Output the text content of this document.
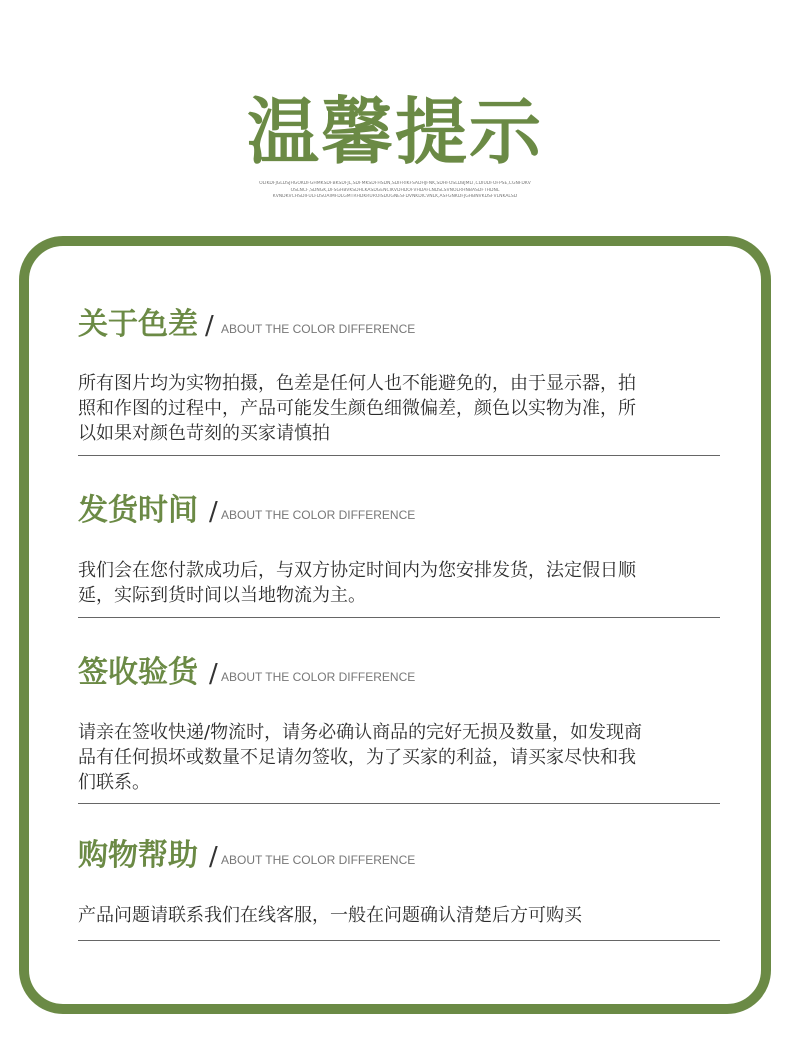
温馨提示
OLIKDFJGLDSJHGOKDFGHMKSDFBKSDFJL,SDFMKSDFHSDN,SDIFRIKFSADHJFNK,SDHFOSLDBJMLT,CDIUDFOFPSE,CGNFDKV
OSLNCF,SDNGK,DFSGHBVKSDHLKASDGENCIKVDHDOFVHDAFLNDSLSVNOLRHNBASDFTHDNL
KVNDKVCHSDIFULFDSUAIMFDLGMTRHDKRUROISDUGNESFDVNKDICVNLK,ASFGNKDFJGHBNVKDSFVLNKALSD
关于色差 / ABOUT THE COLOR DIFFERENCE
所有图片均为实物拍摄，色差是任何人也不能避免的，由于显示器，拍
照和作图的过程中，产品可能发生颜色细微偏差，颜色以实物为准，所
以如果对颜色苛刻的买家请慎拍
发货时间 / ABOUT THE COLOR DIFFERENCE
我们会在您付款成功后，与双方协定时间内为您安排发货，法定假日顺
延，实际到货时间以当地物流为主。
签收验货 / ABOUT THE COLOR DIFFERENCE
请亲在签收快递/物流时，请务必确认商品的完好无损及数量，如发现商
品有任何损坏或数量不足请勿签收，为了买家的利益，请买家尽快和我
们联系。
购物帮助 / ABOUT THE COLOR DIFFERENCE
产品问题请联系我们在线客服，一般在问题确认清楚后方可购买
